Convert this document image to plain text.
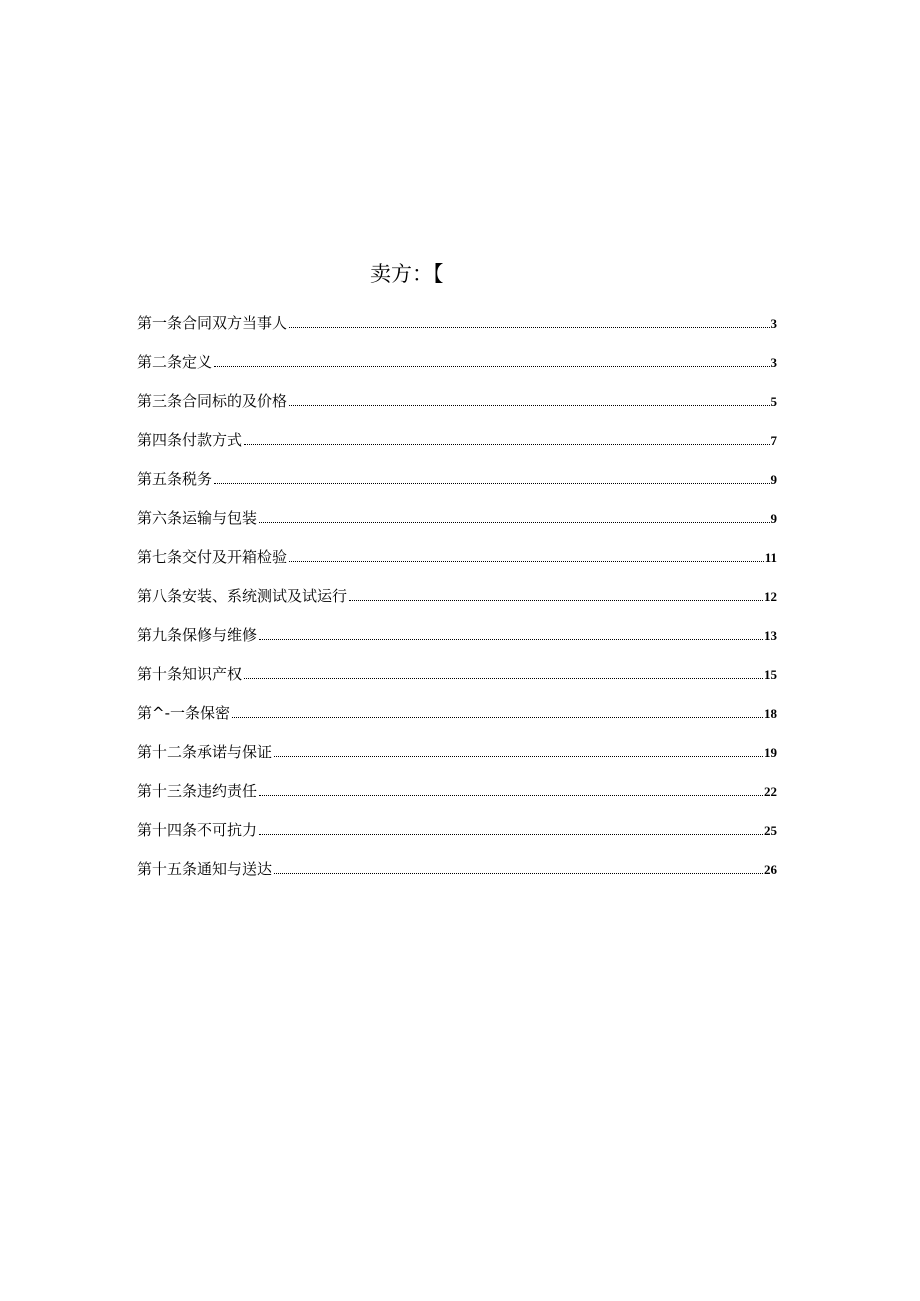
卖方：【
第一条合同双方当事人	3
第二条定义	3
第三条合同标的及价格	5
第四条付款方式	7
第五条税务	9
第六条运输与包装	9
第七条交付及开箱检验	11
第八条安装、系统测试及试运行	12
第九条保修与维修	13
第十条知识产权	15
第^-一条保密	18
第十二条承诺与保证	19
第十三条违约责任	22
第十四条不可抗力	25
第十五条通知与送达	26
